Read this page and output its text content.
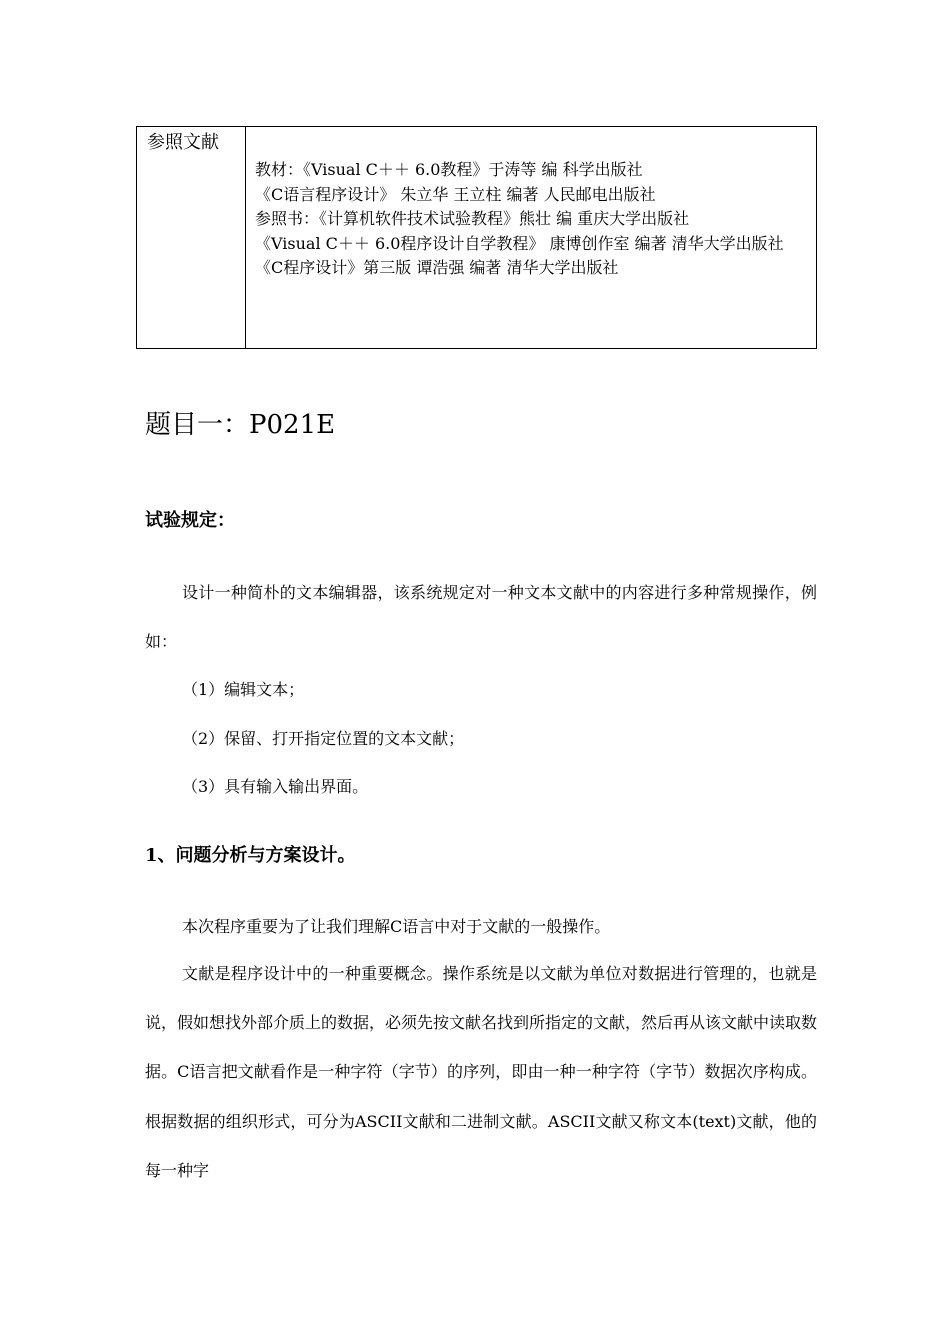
参照文献
教材：《Visual C＋＋ 6.0教程》于涛等 编 科学出版社
《C语言程序设计》 朱立华 王立柱 编著 人民邮电出版社
参照书：《计算机软件技术试验教程》熊壮 编 重庆大学出版社
《Visual C＋＋ 6.0程序设计自学教程》 康博创作室 编著 清华大学出版社
《C程序设计》第三版 谭浩强 编著 清华大学出版社
题目一：P021E
试验规定：
设计一种简朴的文本编辑器，该系统规定对一种文本文献中的内容进行多种常规操作，例如：
（1）编辑文本；
（2）保留、打开指定位置的文本文献；
（3）具有输入输出界面。
1、问题分析与方案设计。
本次程序重要为了让我们理解C语言中对于文献的一般操作。
文献是程序设计中的一种重要概念。操作系统是以文献为单位对数据进行管理的，也就是说，假如想找外部介质上的数据，必须先按文献名找到所指定的文献，然后再从该文献中读取数据。C语言把文献看作是一种字符（字节）的序列，即由一种一种字符（字节）数据次序构成。根据数据的组织形式，可分为ASCII文献和二进制文献。ASCII文献又称文本(text)文献，他的每一种字
